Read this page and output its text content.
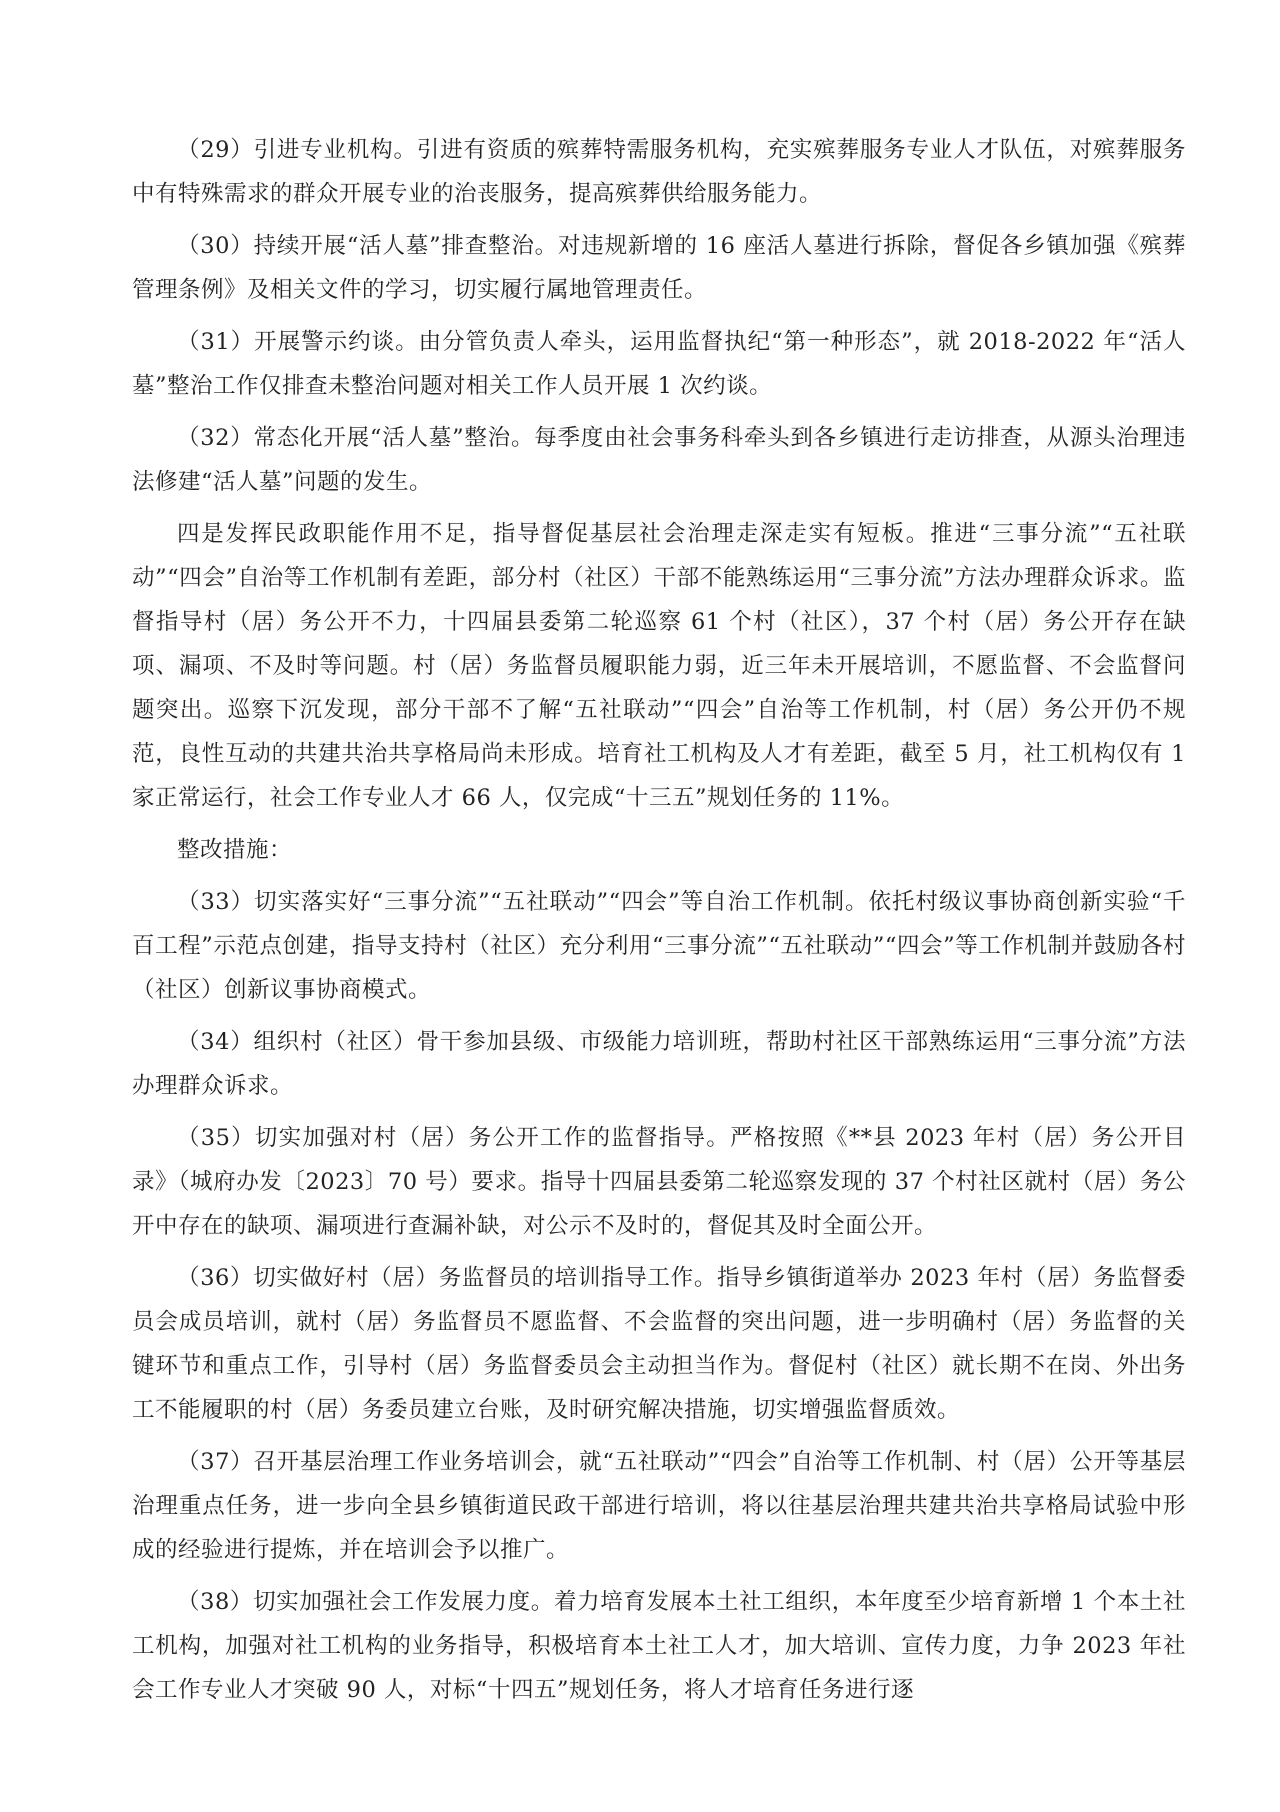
（29）引进专业机构。引进有资质的殡葬特需服务机构，充实殡葬服务专业人才队伍，对殡葬服务中有特殊需求的群众开展专业的治丧服务，提高殡葬供给服务能力。

（30）持续开展“活人墓”排查整治。对违规新增的 16 座活人墓进行拆除，督促各乡镇加强《殡葬管理条例》及相关文件的学习，切实履行属地管理责任。

（31）开展警示约谈。由分管负责人牵头，运用监督执纪“第一种形态”，就 2018-2022 年“活人墓”整治工作仅排查未整治问题对相关工作人员开展 1 次约谈。

（32）常态化开展“活人墓”整治。每季度由社会事务科牵头到各乡镇进行走访排查，从源头治理违法修建“活人墓”问题的发生。

四是发挥民政职能作用不足，指导督促基层社会治理走深走实有短板。推进“三事分流”“五社联动”“四会”自治等工作机制有差距，部分村（社区）干部不能熟练运用“三事分流”方法办理群众诉求。监督指导村（居）务公开不力，十四届县委第二轮巡察 61 个村（社区），37 个村（居）务公开存在缺项、漏项、不及时等问题。村（居）务监督员履职能力弱，近三年未开展培训，不愿监督、不会监督问题突出。巡察下沉发现，部分干部不了解“五社联动”“四会”自治等工作机制，村（居）务公开仍不规范，良性互动的共建共治共享格局尚未形成。培育社工机构及人才有差距，截至 5 月，社工机构仅有 1 家正常运行，社会工作专业人才 66 人，仅完成“十三五”规划任务的 11%。

整改措施：

（33）切实落实好“三事分流”“五社联动”“四会”等自治工作机制。依托村级议事协商创新实验“千百工程”示范点创建，指导支持村（社区）充分利用“三事分流”“五社联动”“四会”等工作机制并鼓励各村（社区）创新议事协商模式。

（34）组织村（社区）骨干参加县级、市级能力培训班，帮助村社区干部熟练运用“三事分流”方法办理群众诉求。

（35）切实加强对村（居）务公开工作的监督指导。严格按照《**县 2023 年村（居）务公开目录》（城府办发〔2023〕70 号）要求。指导十四届县委第二轮巡察发现的 37 个村社区就村（居）务公开中存在的缺项、漏项进行查漏补缺，对公示不及时的，督促其及时全面公开。

（36）切实做好村（居）务监督员的培训指导工作。指导乡镇街道举办 2023 年村（居）务监督委员会成员培训，就村（居）务监督员不愿监督、不会监督的突出问题，进一步明确村（居）务监督的关键环节和重点工作，引导村（居）务监督委员会主动担当作为。督促村（社区）就长期不在岗、外出务工不能履职的村（居）务委员建立台账，及时研究解决措施，切实增强监督质效。

（37）召开基层治理工作业务培训会，就“五社联动”“四会”自治等工作机制、村（居）公开等基层治理重点任务，进一步向全县乡镇街道民政干部进行培训，将以往基层治理共建共治共享格局试验中形成的经验进行提炼，并在培训会予以推广。

（38）切实加强社会工作发展力度。着力培育发展本土社工组织，本年度至少培育新增 1 个本土社工机构，加强对社工机构的业务指导，积极培育本土社工人才，加大培训、宣传力度，力争 2023 年社会工作专业人才突破 90 人，对标“十四五”规划任务，将人才培育任务进行逐
